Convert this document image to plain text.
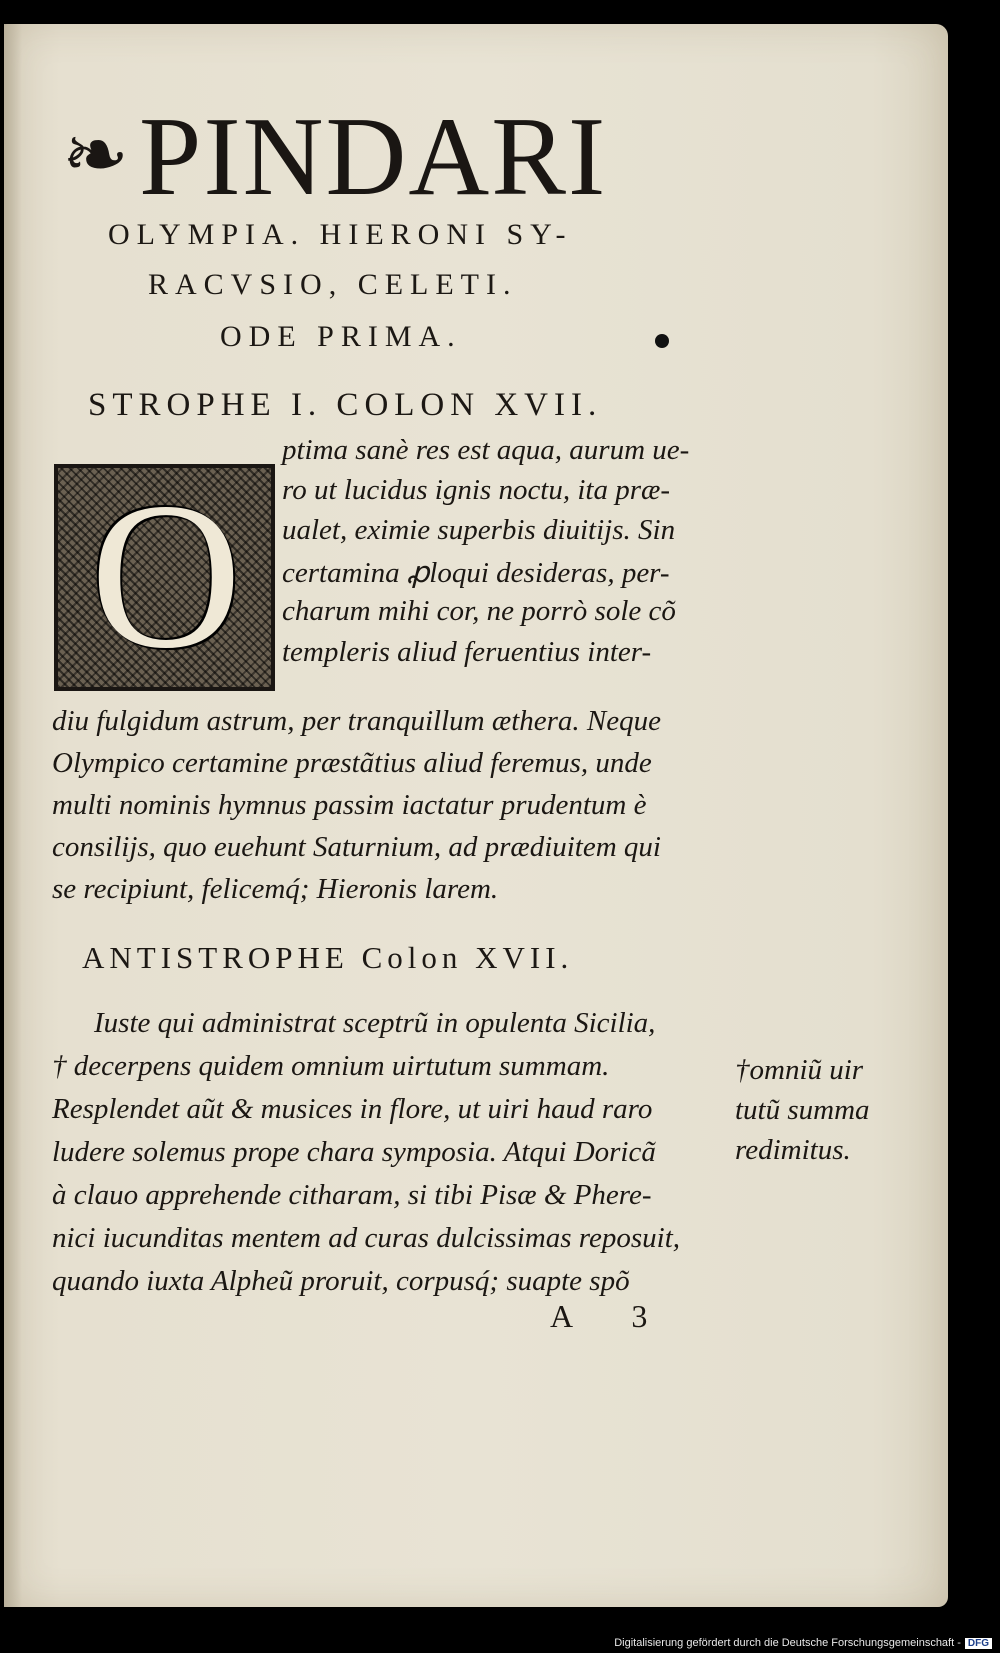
❧PINDARI
OLYMPIA. HIERONI SY-
RACVSIO, CELETI.
ODE PRIMA.
STROPHE I. COLON XVII.
O
ptima sanè res est aqua, aurum ue-
ro ut lucidus ignis noctu, ita præ-
ualet, eximie superbis diuitijs. Sin
certamina ꝓloqui desideras, per-
charum mihi cor, ne porrò sole cõ
templeris aliud feruentius inter-
diu fulgidum astrum, per tranquillum æthera. Neque
Olympico certamine præstãtius aliud feremus, unde
multi nominis hymnus passim iactatur prudentum è
consilijs, quo euehunt Saturnium, ad prædiuitem qui
se recipiunt, felicemq́; Hieronis larem.
ANTISTROPHE Colon XVII.
Iuste qui administrat sceptrũ in opulenta Sicilia,
† decerpens quidem omnium uirtutum summam.
Resplendet aũt & musices in flore, ut uiri haud raro
ludere solemus prope chara symposia. Atqui Doricã
à clauo apprehende citharam, si tibi Pisæ & Phere-
nici iucunditas mentem ad curas dulcissimas reposuit,
quando iuxta Alpheũ proruit, corpusq́; suapte spõ
†omniũ uir
tutũ summa
redimitus.
A 3
Digitalisierung gefördert durch die Deutsche Forschungsgemeinschaft - DFG
